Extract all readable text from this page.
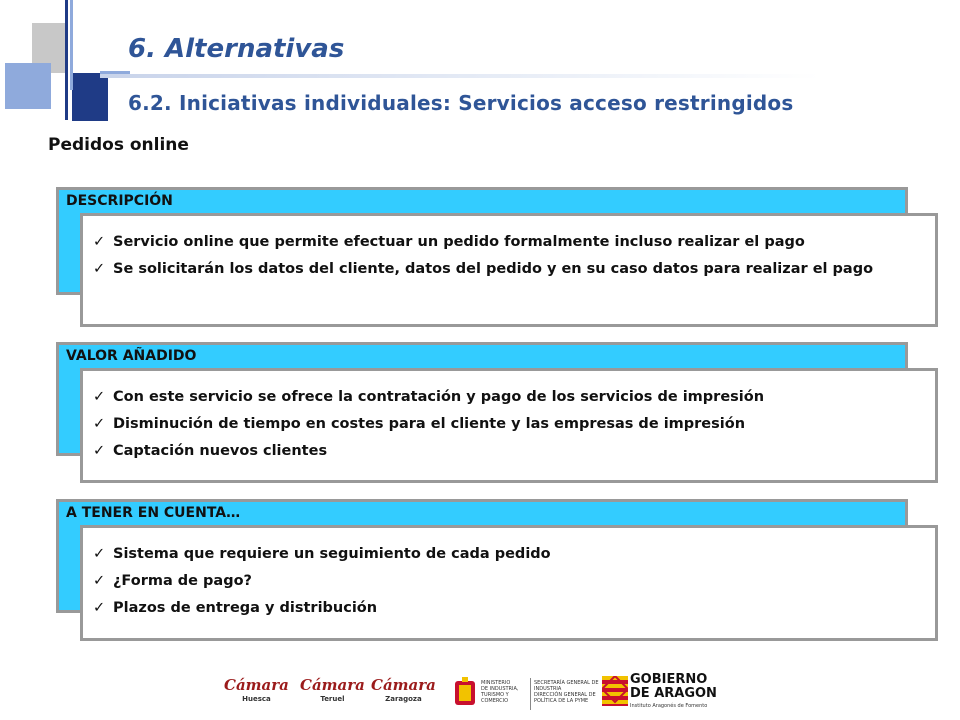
6. Alternativas
6.2. Iniciativas individuales: Servicios acceso restringidos
Pedidos online
DESCRIPCIÓN
✓ Servicio online que permite efectuar un pedido formalmente incluso realizar el pago
✓ Se solicitarán los datos del cliente, datos del pedido y en su caso datos para realizar el pago
VALOR AÑADIDO
✓ Con este servicio se ofrece la contratación y pago de los servicios de impresión
✓ Disminución de tiempo en costes para el cliente y las empresas de impresión
✓ Captación nuevos clientes
A TENER EN CUENTA…
✓ Sistema que requiere un seguimiento de cada pedido
✓ ¿Forma de pago?
✓ Plazos de entrega y distribución
Cámara
Huesca
Cámara
Teruel
Cámara
Zaragoza
MINISTERIO
DE INDUSTRIA,
TURISMO Y
COMERCIO
SECRETARÍA GENERAL DE
INDUSTRIA
DIRECCIÓN GENERAL DE
POLÍTICA DE LA PYME
GOBIERNO
DE ARAGON
Instituto Aragonés de Fomento
